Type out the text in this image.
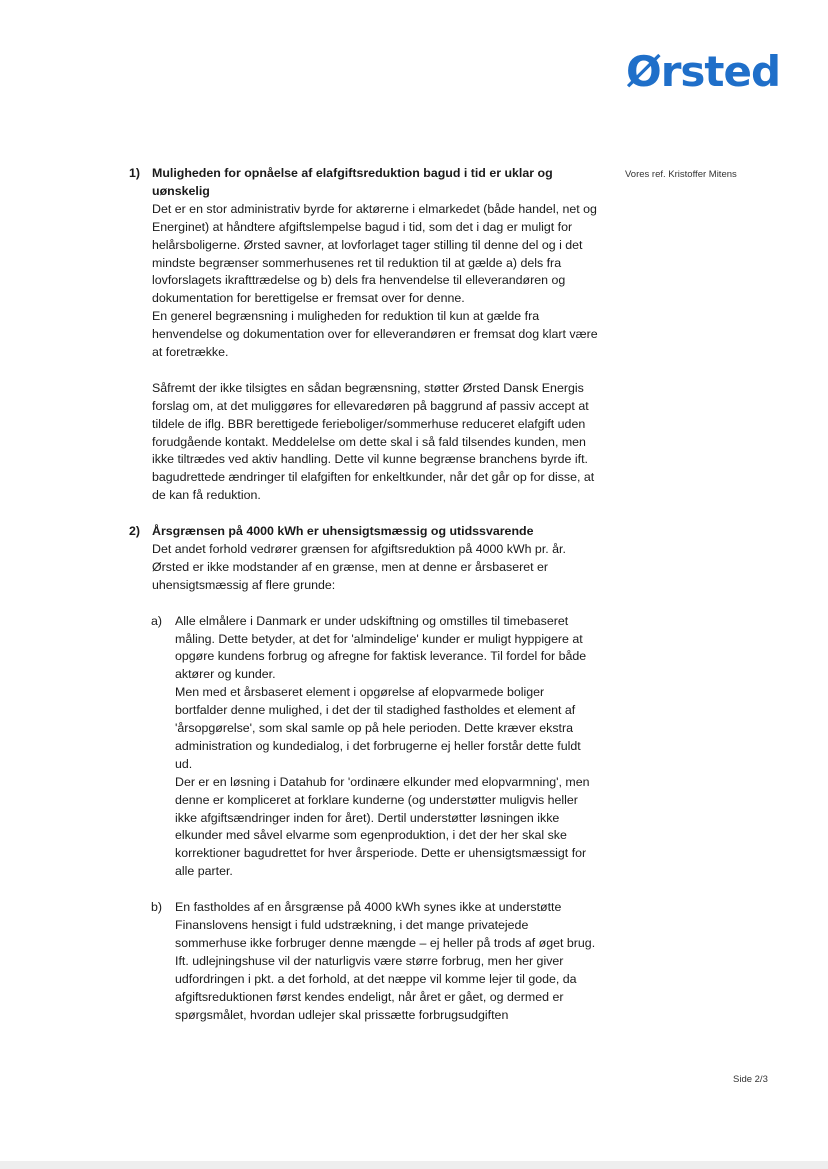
Ørsted
Vores ref. Kristoffer Mitens
1) Muligheden for opnåelse af elafgiftsreduktion bagud i tid er uklar og uønskelig

Det er en stor administrativ byrde for aktørerne i elmarkedet (både handel, net og Energinet) at håndtere afgiftslempelse bagud i tid, som det i dag er muligt for helårsboligerne. Ørsted savner, at lovforlaget tager stilling til denne del og i det mindste begrænser sommerhusenes ret til reduktion til at gælde a) dels fra lovforslagets ikrafttrædelse og b) dels fra henvendelse til elleverandøren og dokumentation for berettigelse er fremsat over for denne.

En generel begrænsning i muligheden for reduktion til kun at gælde fra henvendelse og dokumentation over for elleverandøren er fremsat dog klart være at foretrække.

Såfremt der ikke tilsigtes en sådan begrænsning, støtter Ørsted Dansk Energis forslag om, at det muliggøres for ellevaredøren på baggrund af passiv accept at tildele de iflg. BBR berettigede ferieboliger/sommerhuse reduceret elafgift uden forudgående kontakt. Meddelelse om dette skal i så fald tilsendes kunden, men ikke tiltrædes ved aktiv handling. Dette vil kunne begrænse branchens byrde ift. bagudrettede ændringer til elafgiften for enkeltkunder, når det går op for disse, at de kan få reduktion.

2) Årsgrænsen på 4000 kWh er uhensigtsmæssig og utidssvarende

Det andet forhold vedrører grænsen for afgiftsreduktion på 4000 kWh pr. år. Ørsted er ikke modstander af en grænse, men at denne er årsbaseret er uhensigtsmæssig af flere grunde:

a) Alle elmålere i Danmark er under udskiftning og omstilles til timebaseret måling. Dette betyder, at det for 'almindelige' kunder er muligt hyppigere at opgøre kundens forbrug og afregne for faktisk leverance. Til fordel for både aktører og kunder.

Men med et årsbaseret element i opgørelse af elopvarmede boliger bortfalder denne mulighed, i det der til stadighed fastholdes et element af 'årsopgørelse', som skal samle op på hele perioden. Dette kræver ekstra administration og kundedialog, i det forbrugerne ej heller forstår dette fuldt ud.

Der er en løsning i Datahub for 'ordinære elkunder med elopvarmning', men denne er kompliceret at forklare kunderne (og understøtter muligvis heller ikke afgiftsændringer inden for året). Dertil understøtter løsningen ikke elkunder med såvel elvarme som egenproduktion, i det der her skal ske korrektioner bagudrettet for hver årsperiode. Dette er uhensigtsmæssigt for alle parter.

b) En fastholdes af en årsgrænse på 4000 kWh synes ikke at understøtte Finanslovens hensigt i fuld udstrækning, i det mange privatejede sommerhuse ikke forbruger denne mængde – ej heller på trods af øget brug. Ift. udlejningshuse vil der naturligvis være større forbrug, men her giver udfordringen i pkt. a det forhold, at det næppe vil komme lejer til gode, da afgiftsreduktionen først kendes endeligt, når året er gået, og dermed er spørgsmålet, hvordan udlejer skal prissætte forbrugsudgiften

Side 2/3
